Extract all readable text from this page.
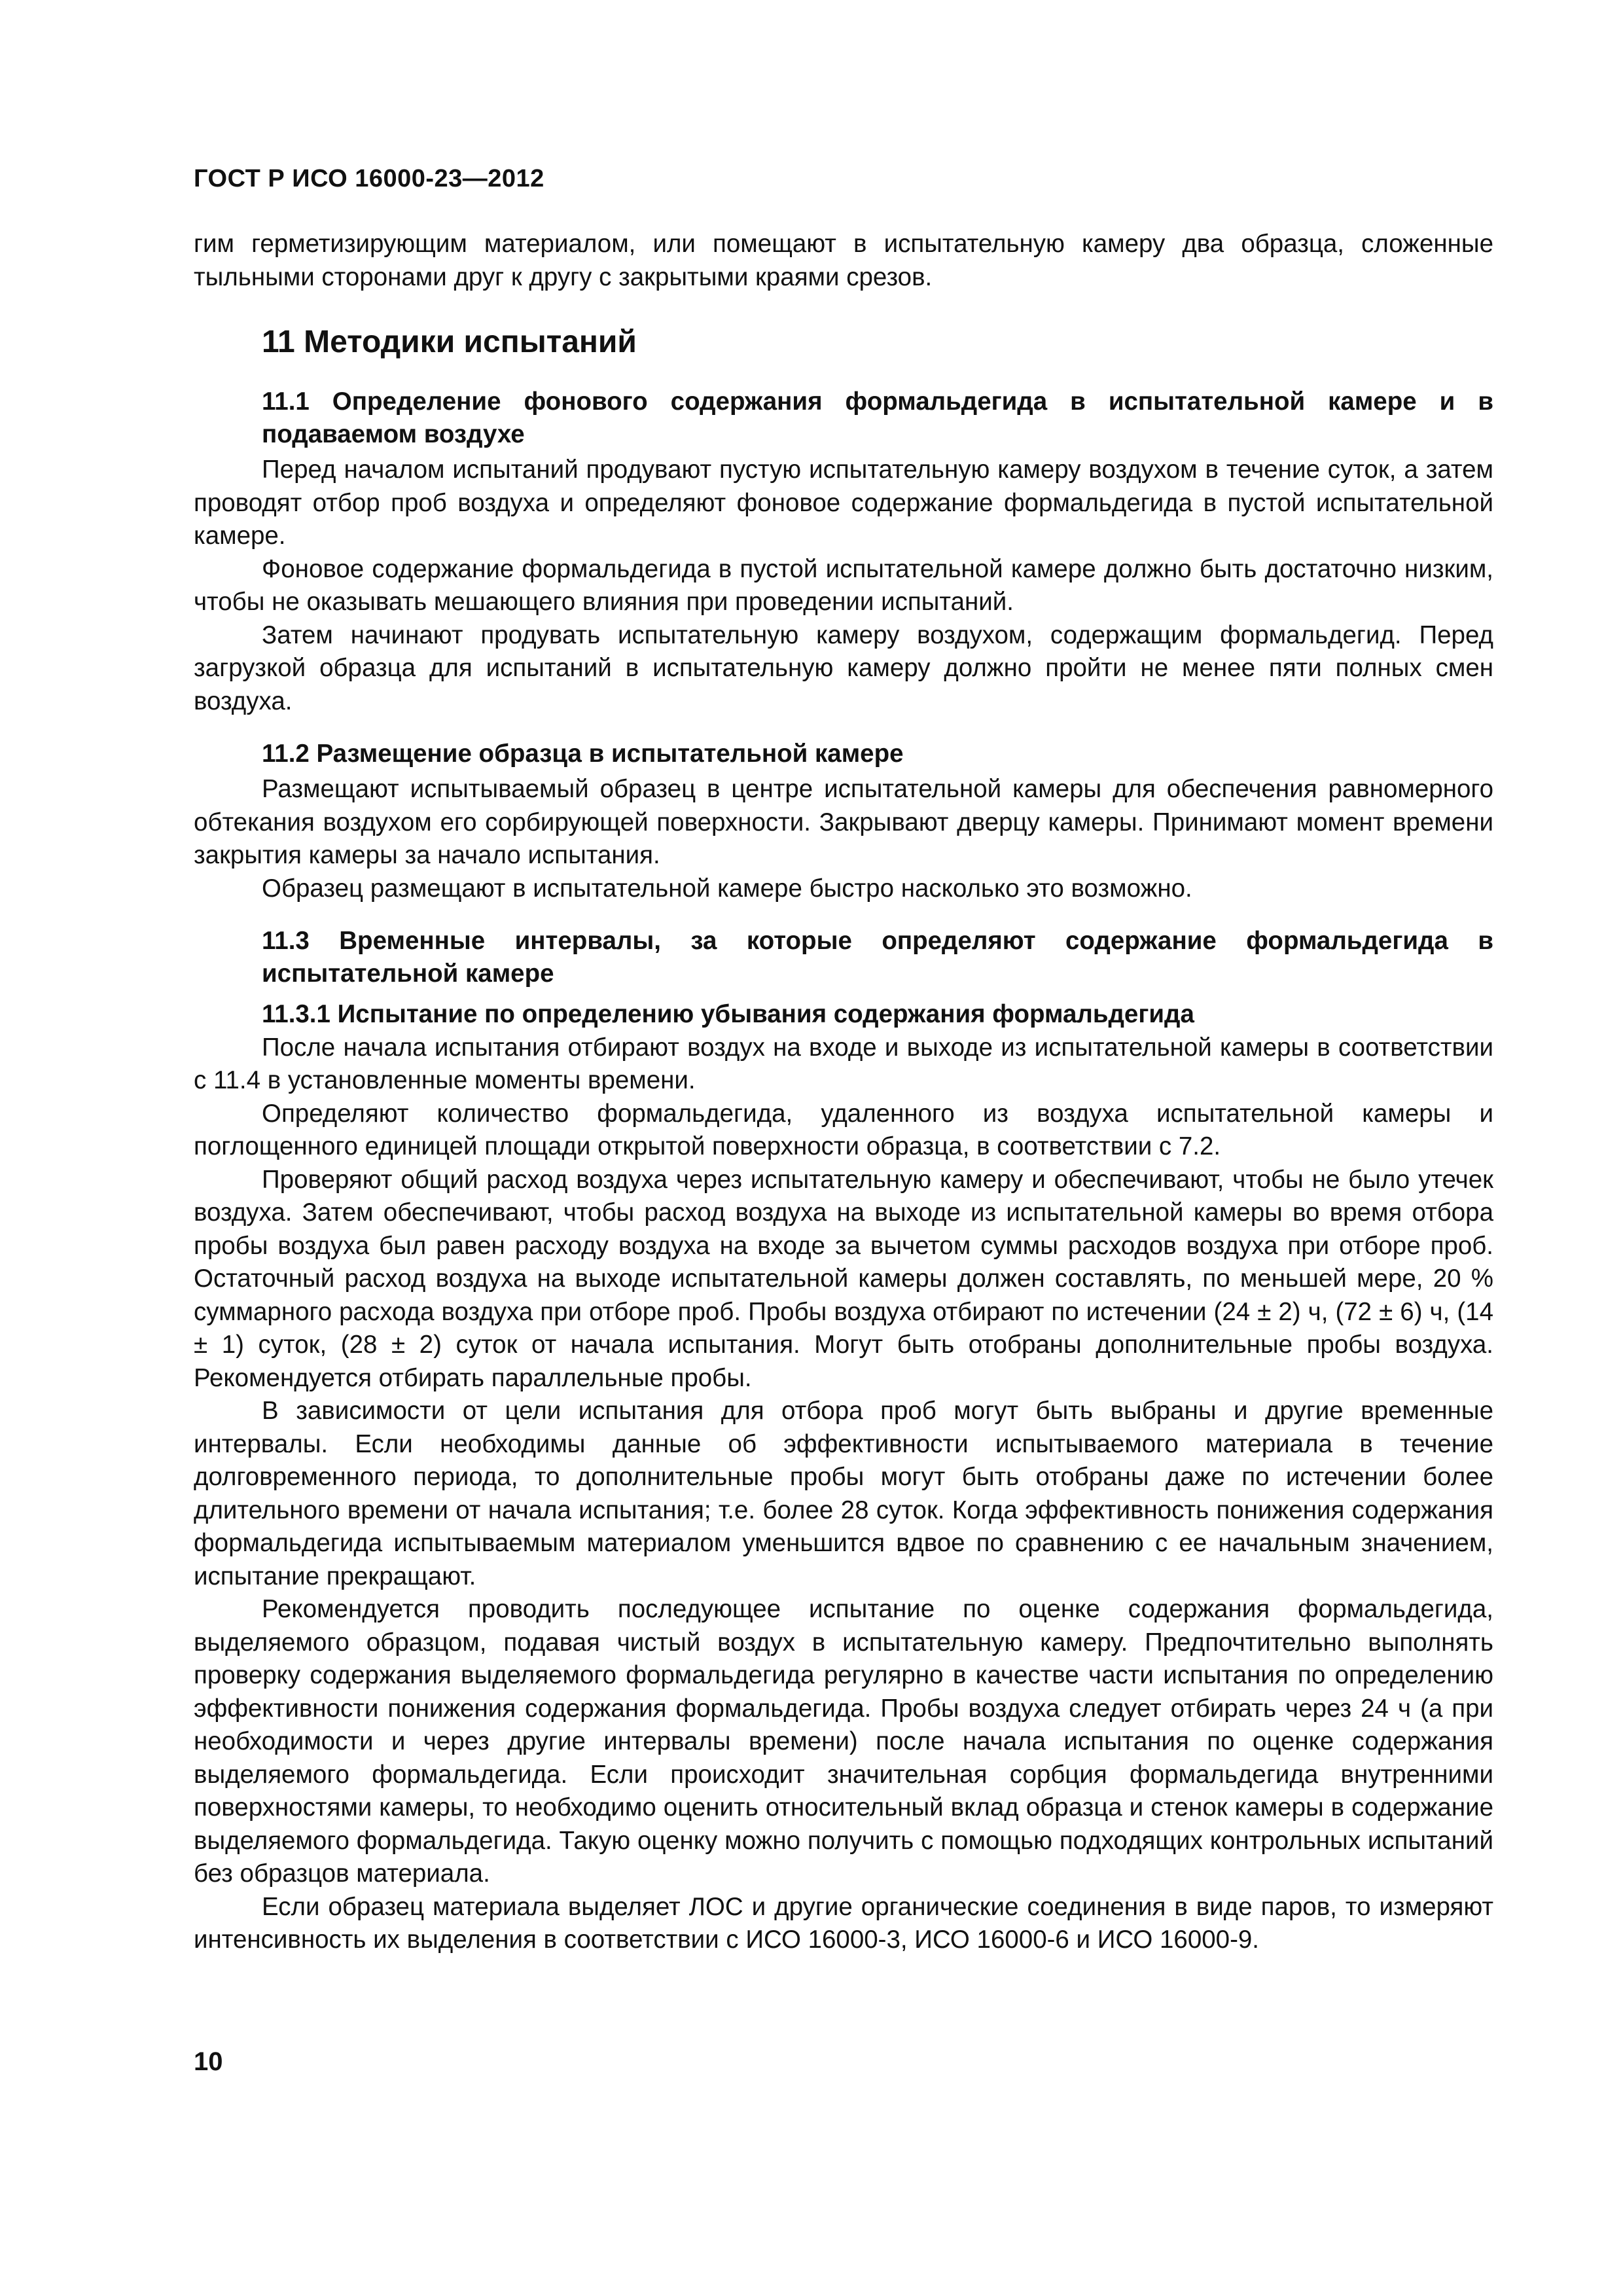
ГОСТ Р ИСО 16000-23—2012

гим герметизирующим материалом, или помещают в испытательную камеру два образца, сложенные тыльными сторонами друг к другу с закрытыми краями срезов.

11 Методики испытаний
11.1 Определение фонового содержания формальдегида в испытательной камере и в подаваемом воздухе

Перед началом испытаний продувают пустую испытательную камеру воздухом в течение суток, а затем проводят отбор проб воздуха и определяют фоновое содержание формальдегида в пустой испытательной камере.

Фоновое содержание формальдегида в пустой испытательной камере должно быть достаточно низким, чтобы не оказывать мешающего влияния при проведении испытаний.

Затем начинают продувать испытательную камеру воздухом, содержащим формальдегид. Перед загрузкой образца для испытаний в испытательную камеру должно пройти не менее пяти полных смен воздуха.

11.2 Размещение образца в испытательной камере

Размещают испытываемый образец в центре испытательной камеры для обеспечения равномерного обтекания воздухом его сорбирующей поверхности. Закрывают дверцу камеры. Принимают момент времени закрытия камеры за начало испытания.

Образец размещают в испытательной камере быстро насколько это возможно.

11.3 Временные интервалы, за которые определяют содержание формальдегида в испытательной камере
11.3.1 Испытание по определению убывания содержания формальдегида

После начала испытания отбирают воздух на входе и выходе из испытательной камеры в соответствии с 11.4 в установленные моменты времени.

Определяют количество формальдегида, удаленного из воздуха испытательной камеры и поглощенного единицей площади открытой поверхности образца, в соответствии с 7.2.

Проверяют общий расход воздуха через испытательную камеру и обеспечивают, чтобы не было утечек воздуха. Затем обеспечивают, чтобы расход воздуха на выходе из испытательной камеры во время отбора пробы воздуха был равен расходу воздуха на входе за вычетом суммы расходов воздуха при отборе проб. Остаточный расход воздуха на выходе испытательной камеры должен составлять, по меньшей мере, 20 % суммарного расхода воздуха при отборе проб. Пробы воздуха отбирают по истечении (24 ± 2) ч, (72 ± 6) ч, (14 ± 1) суток, (28 ± 2) суток от начала испытания. Могут быть отобраны дополнительные пробы воздуха. Рекомендуется отбирать параллельные пробы.

В зависимости от цели испытания для отбора проб могут быть выбраны и другие временные интервалы. Если необходимы данные об эффективности испытываемого материала в течение долговременного периода, то дополнительные пробы могут быть отобраны даже по истечении более длительного времени от начала испытания; т.е. более 28 суток. Когда эффективность понижения содержания формальдегида испытываемым материалом уменьшится вдвое по сравнению с ее начальным значением, испытание прекращают.

Рекомендуется проводить последующее испытание по оценке содержания формальдегида, выделяемого образцом, подавая чистый воздух в испытательную камеру. Предпочтительно выполнять проверку содержания выделяемого формальдегида регулярно в качестве части испытания по определению эффективности понижения содержания формальдегида. Пробы воздуха следует отбирать через 24 ч (а при необходимости и через другие интервалы времени) после начала испытания по оценке содержания выделяемого формальдегида. Если происходит значительная сорбция формальдегида внутренними поверхностями камеры, то необходимо оценить относительный вклад образца и стенок камеры в содержание выделяемого формальдегида. Такую оценку можно получить с помощью подходящих контрольных испытаний без образцов материала.

Если образец материала выделяет ЛОС и другие органические соединения в виде паров, то измеряют интенсивность их выделения в соответствии с ИСО 16000-3, ИСО 16000-6 и ИСО 16000-9.

10
